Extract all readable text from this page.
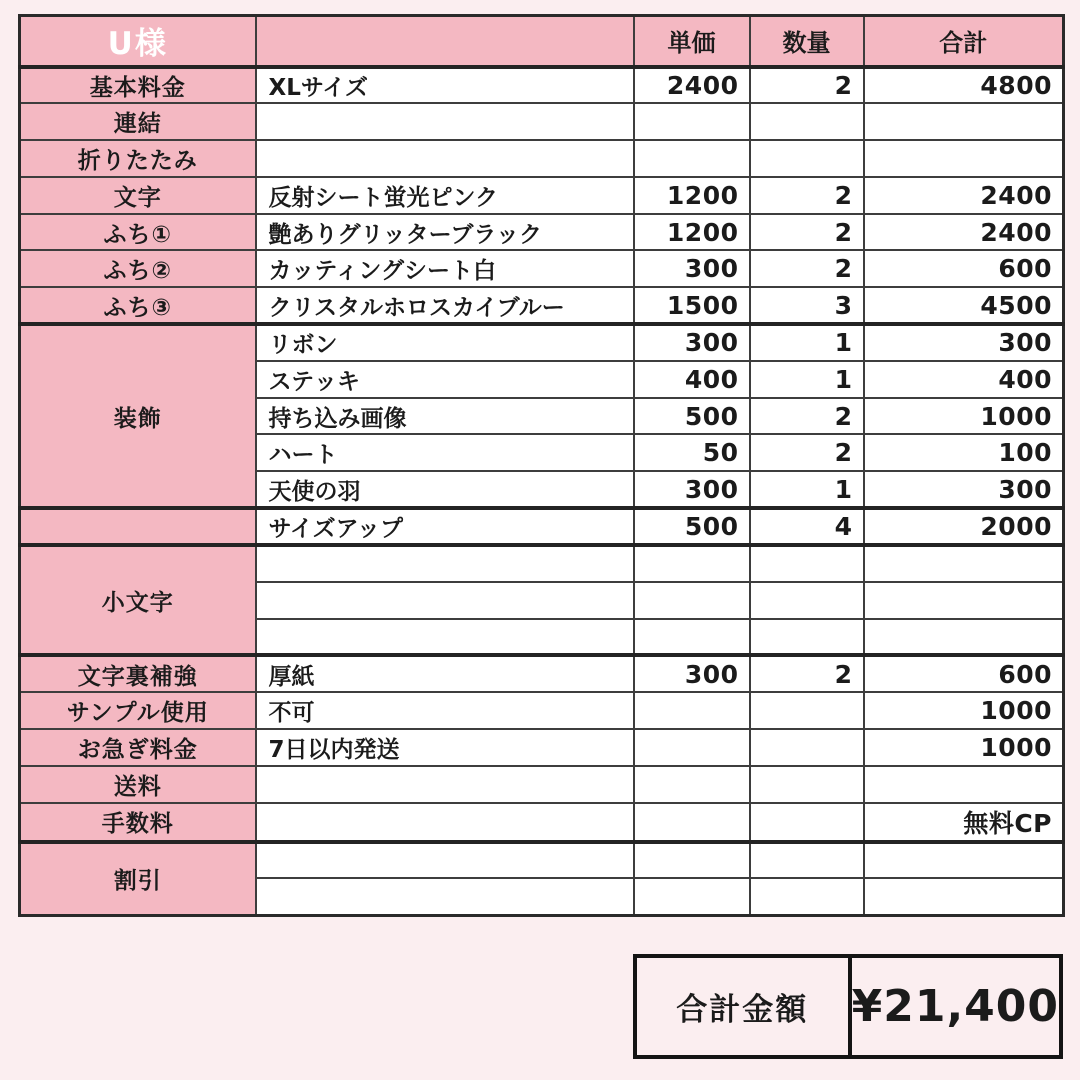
U様		単価	数量	合計
基本料金	XLサイズ	2400	2	4800
連結				
折りたたみ				
文字	反射シート蛍光ピンク	1200	2	2400
ふち①	艶ありグリッターブラック	1200	2	2400
ふち②	カッティングシート白	300	2	600
ふち③	クリスタルホロスカイブルー	1500	3	4500
装飾	リボン	300	1	300
	ステッキ	400	1	400
	持ち込み画像	500	2	1000
	ハート	50	2	100
	天使の羽	300	1	300
	サイズアップ	500	4	2000
小文字				

文字裏補強	厚紙	300	2	600
サンプル使用	不可			1000
お急ぎ料金	7日以内発送			1000
送料				
手数料				無料CP
割引				

合計金額 ¥21,400
